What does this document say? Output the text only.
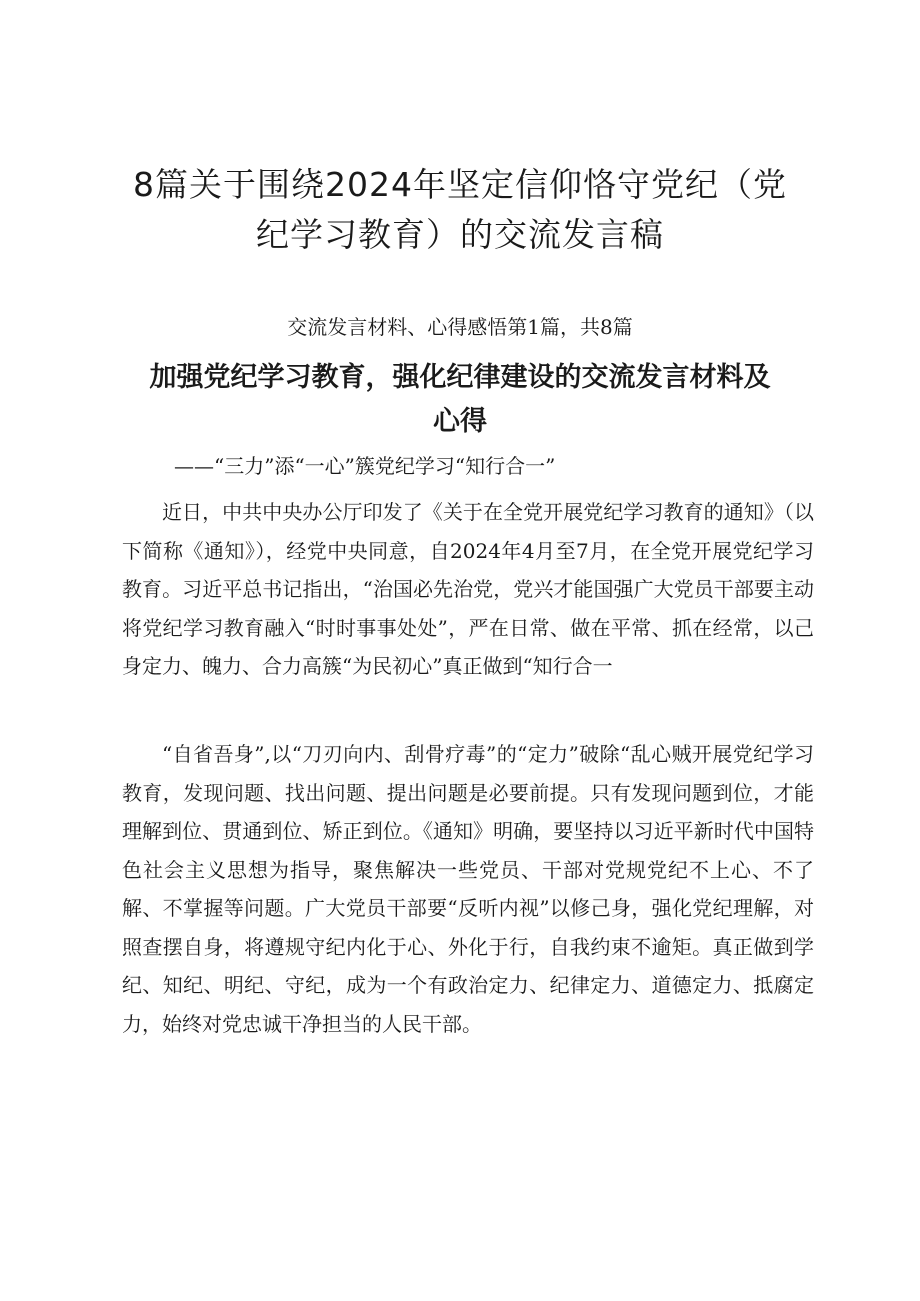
8篇关于围绕2024年坚定信仰恪守党纪（党纪学习教育）的交流发言稿

交流发言材料、心得感悟第1篇，共8篇

加强党纪学习教育，强化纪律建设的交流发言材料及心得

——“三力”添“一心”簇党纪学习“知行合一”

近日，中共中央办公厅印发了《关于在全党开展党纪学习教育的通知》（以下简称《通知》），经党中央同意，自2024年4月至7月，在全党开展党纪学习教育。习近平总书记指出，“治国必先治党，党兴才能国强广大党员干部要主动将党纪学习教育融入“时时事事处处”，严在日常、做在平常、抓在经常，以己身定力、魄力、合力高簇“为民初心”真正做到“知行合一

“自省吾身”,以“刀刃向内、刮骨疗毒”的“定力”破除“乱心贼开展党纪学习教育，发现问题、找出问题、提出问题是必要前提。只有发现问题到位，才能理解到位、贯通到位、矫正到位。《通知》明确，要坚持以习近平新时代中国特色社会主义思想为指导，聚焦解决一些党员、干部对党规党纪不上心、不了解、不掌握等问题。广大党员干部要“反听内视”以修己身，强化党纪理解，对照查摆自身，将遵规守纪内化于心、外化于行，自我约束不逾矩。真正做到学纪、知纪、明纪、守纪，成为一个有政治定力、纪律定力、道德定力、抵腐定力，始终对党忠诚干净担当的人民干部。
